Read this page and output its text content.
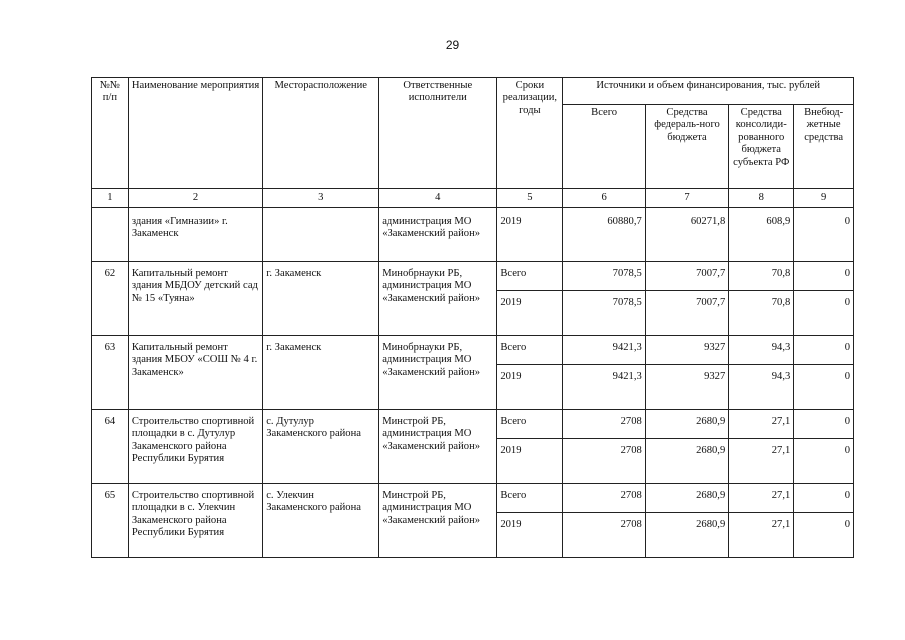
29
№№ п/п	Наименование мероприятия	Месторасположение	Ответственные исполнители	Сроки реализации, годы	Источники и объем финансирования, тыс. рублей			
					Всего	Средства федераль-ного бюджета	Средства консолиди-рованного бюджета субъекта РФ	Внебюд-жетные средства
1	2	3	4	5	6	7	8	9
	здания «Гимназии» г. Закаменск		администрация МО «Закаменский район»	2019	60880,7	60271,8	608,9	0
62	Капитальный ремонт здания МБДОУ детский сад № 15 «Туяна»	г. Закаменск	Минобрнауки РБ, администрация МО «Закаменский район»	Всего	7078,5	7007,7	70,8	0
				2019	7078,5	7007,7	70,8	0
63	Капитальный ремонт здания МБОУ «СОШ № 4 г. Закаменск»	г. Закаменск	Минобрнауки РБ, администрация МО «Закаменский район»	Всего	9421,3	9327	94,3	0
				2019	9421,3	9327	94,3	0
64	Строительство спортивной площадки в с. Дутулур Закаменского района Республики Бурятия	с. Дутулур Закаменского района	Минстрой РБ, администрация МО «Закаменский район»	Всего	2708	2680,9	27,1	0
				2019	2708	2680,9	27,1	0
65	Строительство спортивной площадки в с. Улекчин Закаменского района Республики Бурятия	с. Улекчин Закаменского района	Минстрой РБ, администрация МО «Закаменский район»	Всего	2708	2680,9	27,1	0
				2019	2708	2680,9	27,1	0
